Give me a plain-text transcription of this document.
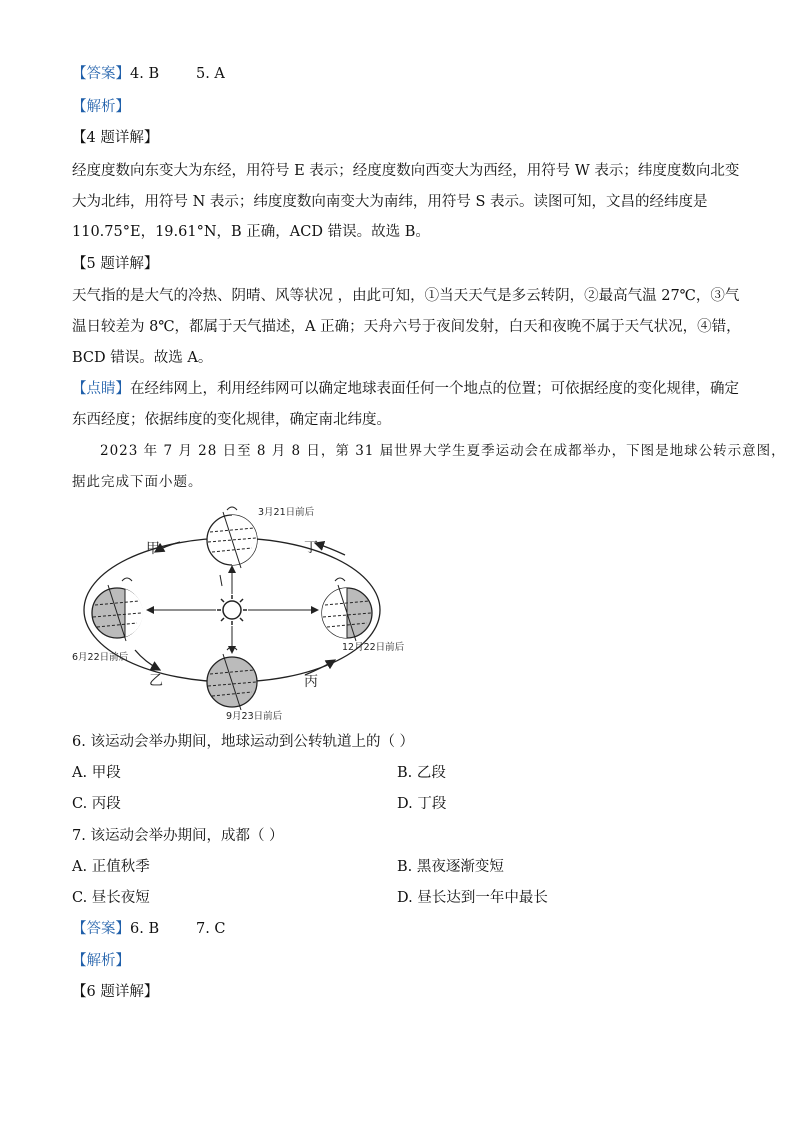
【答案】4. B        5. A
【解析】
【4 题详解】
经度度数向东变大为东经，用符号 E 表示；经度度数向西变大为西经，用符号 W 表示；纬度度数向北变
大为北纬，用符号 N 表示；纬度度数向南变大为南纬，用符号 S 表示。读图可知，文昌的经纬度是
110.75°E，19.61°N，B 正确，ACD 错误。故选 B。
【5 题详解】
天气指的是大气的冷热、阴晴、风等状况 ，由此可知，①当天天气是多云转阴，②最高气温 27℃，③气
温日较差为 8℃，都属于天气描述，A 正确；天舟六号于夜间发射，白天和夜晚不属于天气状况，④错，
BCD 错误。故选 A。
【点睛】在经纬网上，利用经纬网可以确定地球表面任何一个地点的位置；可依据经度的变化规律，确定
东西经度；依据纬度的变化规律，确定南北纬度。
2023 年 7 月 28 日至 8 月 8 日，第 31 届世界大学生夏季运动会在成都举办，下图是地球公转示意图，
据此完成下面小题。
3月21日前后
6月22日前后
9月23日前后
12月22日前后
甲
乙	丙
丁
6. 该运动会举办期间，地球运动到公转轨道上的（ ）
A. 甲段	B. 乙段
C. 丙段	D. 丁段
7. 该运动会举办期间，成都（ ）
A. 正值秋季	B. 黑夜逐渐变短
C. 昼长夜短	D. 昼长达到一年中最长
【答案】6. B        7. C
【解析】
【6 题详解】
